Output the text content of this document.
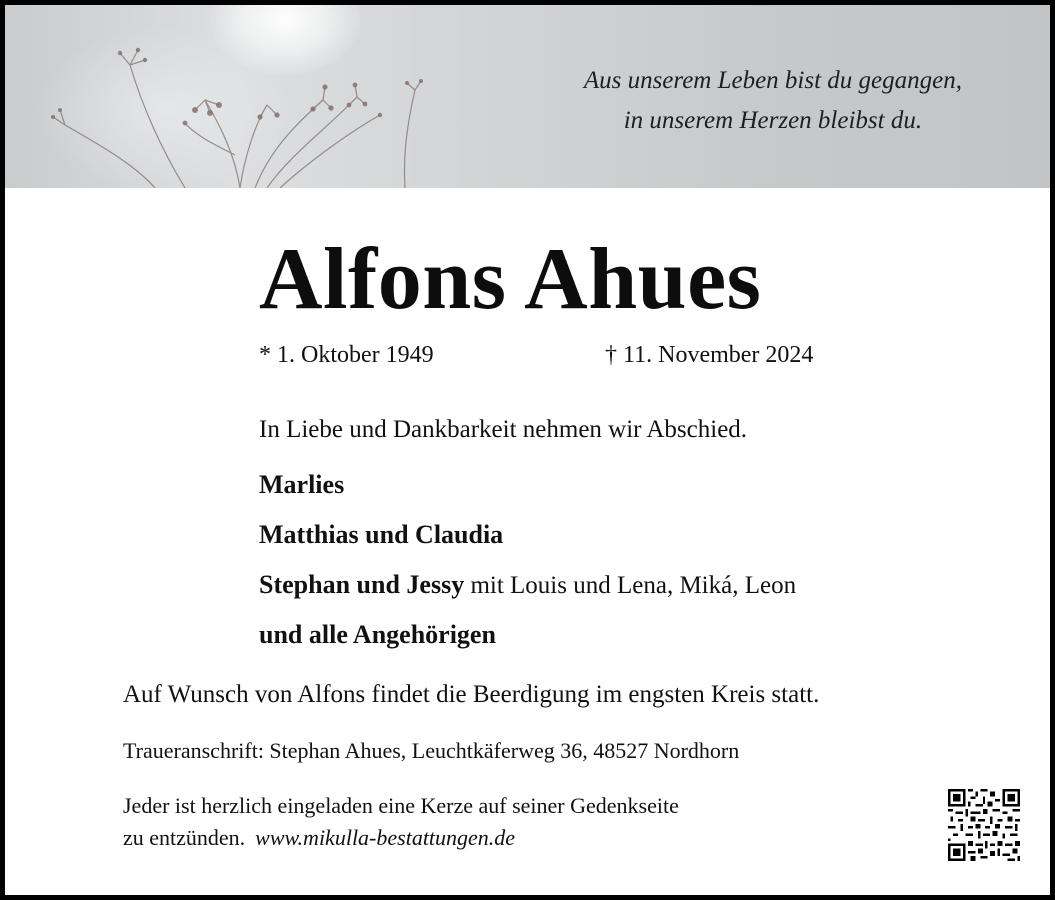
Aus unserem Leben bist du gegangen,
in unserem Herzen bleibst du.
Alfons Ahues
* 1. Oktober 1949	† 11. November 2024
In Liebe und Dankbarkeit nehmen wir Abschied.
Marlies
Matthias und Claudia
Stephan und Jessy mit Louis und Lena, Miká, Leon
und alle Angehörigen
Auf Wunsch von Alfons findet die Beerdigung im engsten Kreis statt.
Traueranschrift: Stephan Ahues, Leuchtkäferweg 36, 48527 Nordhorn
Jeder ist herzlich eingeladen eine Kerze auf seiner Gedenkseite
zu entzünden. www.mikulla-bestattungen.de
